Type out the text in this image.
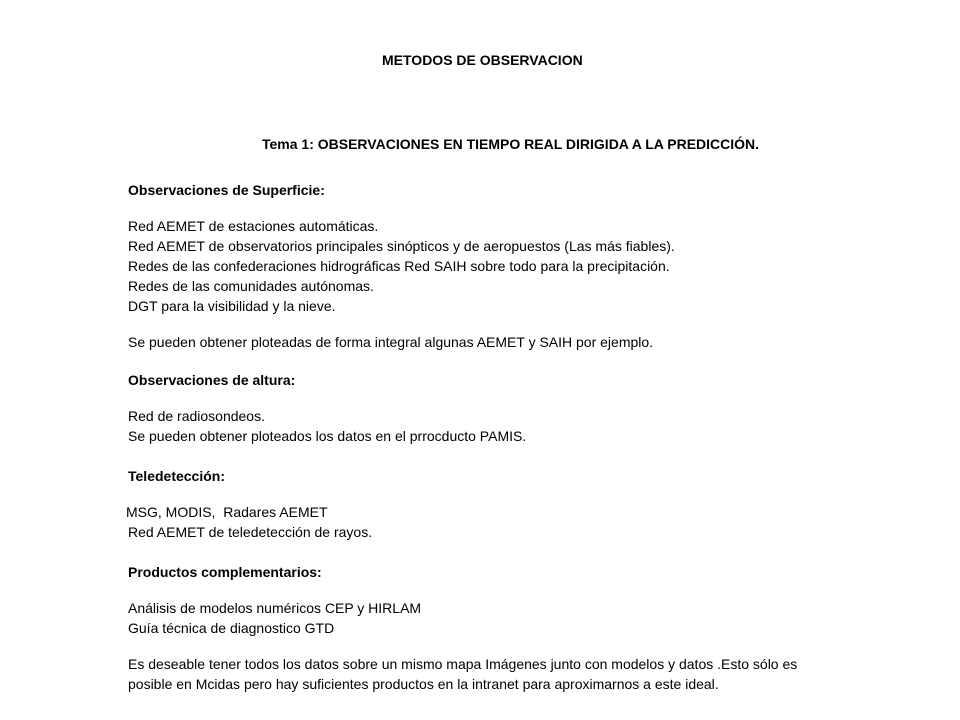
METODOS DE OBSERVACION
Tema 1: OBSERVACIONES EN TIEMPO REAL DIRIGIDA A LA PREDICCIÓN.
Observaciones de Superficie:
Red AEMET de estaciones automáticas.
Red AEMET de observatorios principales sinópticos y de aeropuestos (Las más fiables).
Redes de las confederaciones hidrográficas Red SAIH sobre todo para la precipitación.
Redes de las comunidades autónomas.
DGT para la visibilidad y la nieve.
Se pueden obtener ploteadas de forma integral algunas AEMET y SAIH por ejemplo.
Observaciones de altura:
Red de radiosondeos.
Se pueden obtener ploteados los datos en el prrocducto PAMIS.
Teledetección:
MSG, MODIS,  Radares AEMET
Red AEMET de teledetección de rayos.
Productos complementarios:
Análisis de modelos numéricos CEP y HIRLAM
Guía técnica de diagnostico GTD
Es deseable tener todos los datos sobre un mismo mapa Imágenes junto con modelos y datos .Esto sólo es
posible en Mcidas pero hay suficientes productos en la intranet para aproximarnos a este ideal.
